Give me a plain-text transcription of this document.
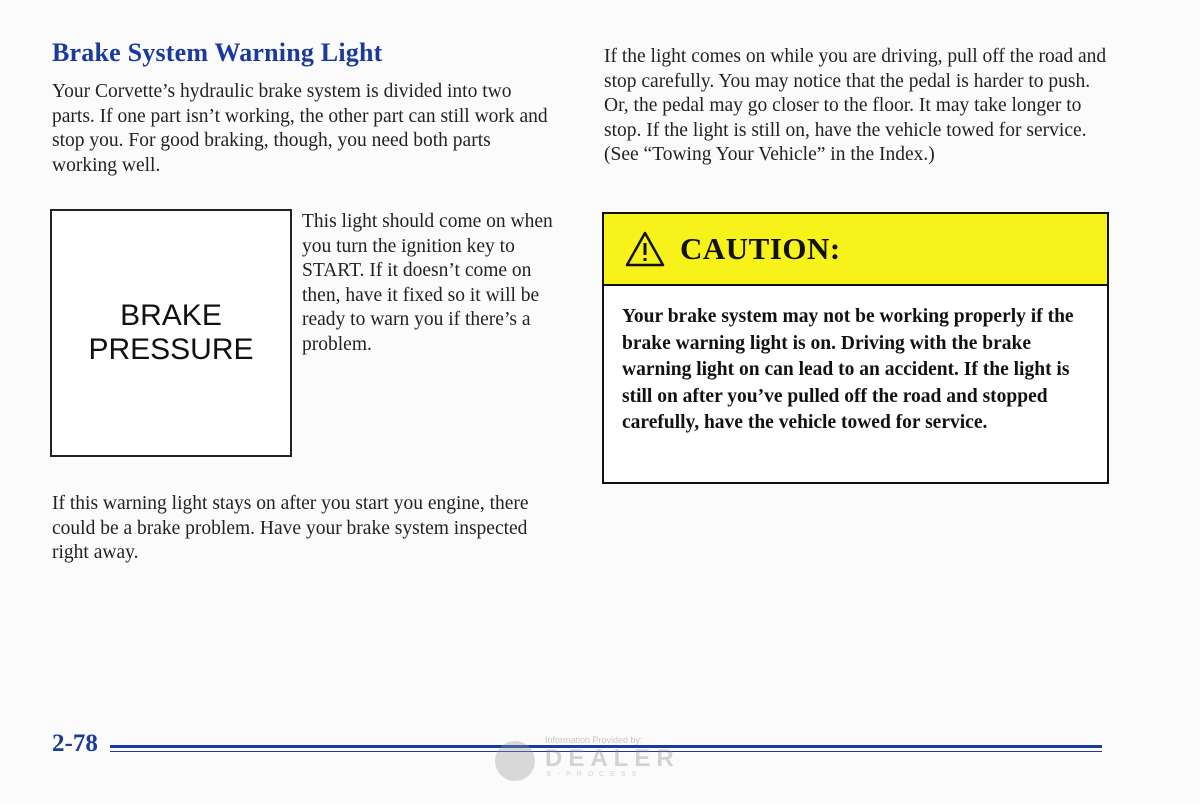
Brake System Warning Light
Your Corvette’s hydraulic brake system is divided into two parts. If one part isn’t working, the other part can still work and stop you. For good braking, though, you need both parts working well.
BRAKE
PRESSURE
This light should come on when you turn the ignition key to START. If it doesn’t come on then, have it fixed so it will be ready to warn you if there’s a problem.
If this warning light stays on after you start you engine, there could be a brake problem. Have your brake system inspected right away.
If the light comes on while you are driving, pull off the road and stop carefully. You may notice that the pedal is harder to push. Or, the pedal may go closer to the floor. It may take longer to stop. If the light is still on, have the vehicle towed for service. (See “Towing Your Vehicle” in the Index.)
CAUTION:
Your brake system may not be working properly if the brake warning light is on. Driving with the brake warning light on can lead to an accident. If the light is still on after you’ve pulled off the road and stopped carefully, have the vehicle towed for service.
2-78	Information Provided by:
DEALER
E-PROCESS
